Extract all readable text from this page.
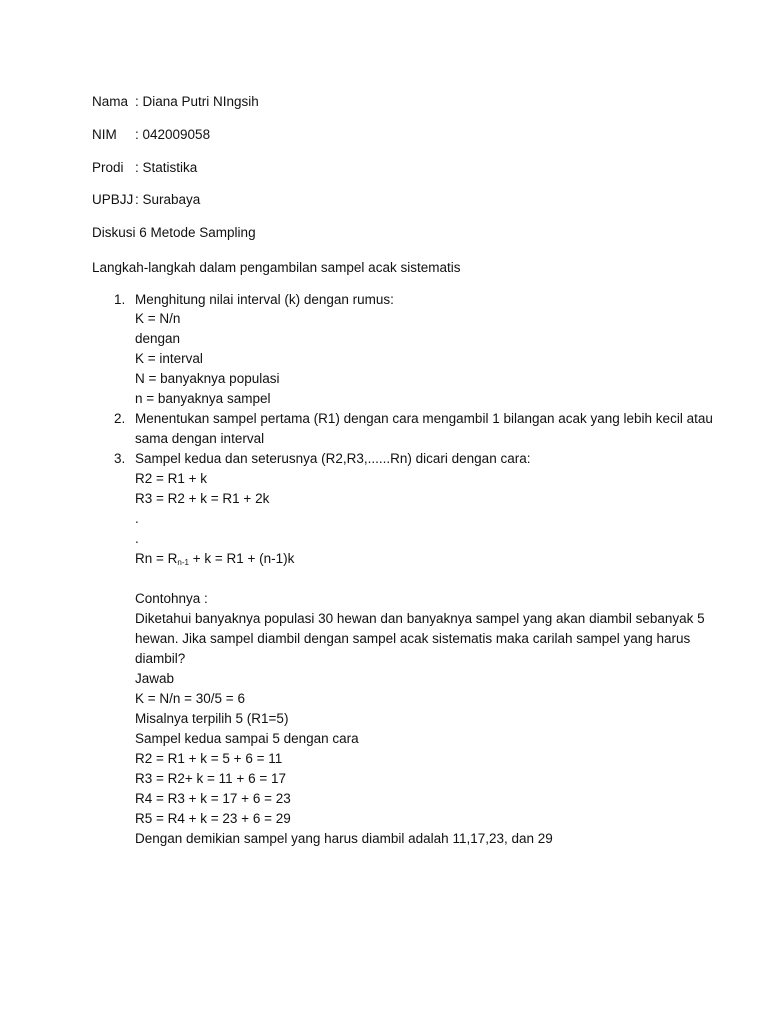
Nama : Diana Putri NIngsih
NIM : 042009058
Prodi : Statistika
UPBJJ : Surabaya
Diskusi 6 Metode Sampling
Langkah-langkah dalam pengambilan sampel acak sistematis
1. Menghitung nilai interval (k) dengan rumus:
K = N/n
dengan
K = interval
N = banyaknya populasi
n = banyaknya sampel
2. Menentukan sampel pertama (R1) dengan cara mengambil 1 bilangan acak yang lebih kecil atau
sama dengan interval
3. Sampel kedua dan seterusnya (R2,R3,......Rn) dicari dengan cara:
R2 = R1 + k
R3 = R2 + k = R1 + 2k
.
.
$Rn = R_{n-1} + k = R1 + (n-1)k$
Contohnya :
Diketahui banyaknya populasi 30 hewan dan banyaknya sampel yang akan diambil sebanyak 5
hewan. Jika sampel diambil dengan sampel acak sistematis maka carilah sampel yang harus
diambil?
Jawab
K = N/n = 30/5 = 6
Misalnya terpilih 5 (R1=5)
Sampel kedua sampai 5 dengan cara
R2 = R1 + k = 5 + 6 = 11
R3 = R2+ k = 11 + 6 = 17
R4 = R3 + k = 17 + 6 = 23
R5 = R4 + k = 23 + 6 = 29
Dengan demikian sampel yang harus diambil adalah 11,17,23, dan 29
